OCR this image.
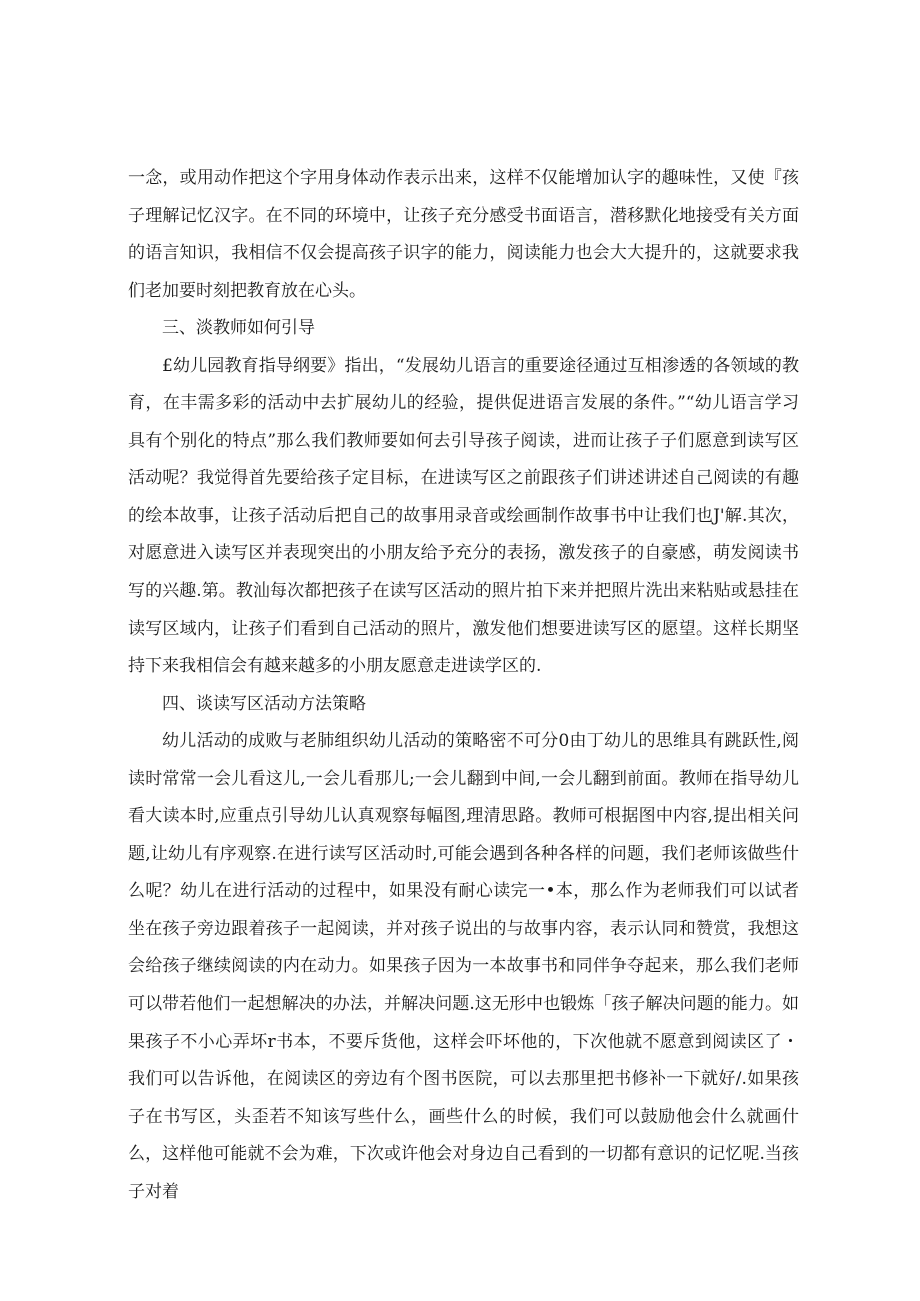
一念，或用动作把这个字用身体动作表示出来，这样不仅能增加认字的趣味性，又使『孩子理解记忆汉字。在不同的环境中，让孩子充分感受书面语言，潜移默化地接受有关方面的语言知识，我相信不仅会提高孩子识字的能力，阅读能力也会大大提升的，这就要求我们老加要时刻把教育放在心头。

三、淡教师如何引导

£幼儿园教育指导纲要》指出，“发展幼儿语言的重要途径通过互相渗透的各领域的教育，在丰需多彩的活动中去扩展幼儿的经验，提供促进语言发展的条件。”“幼儿语言学习具有个别化的特点”那么我们教师要如何去引导孩子阅读，进而让孩子子们愿意到读写区活动呢？我觉得首先要给孩子定目标，在进读写区之前跟孩子们讲述讲述自己阅读的有趣的绘本故事，让孩子活动后把自己的故事用录音或绘画制作故事书中让我们也J'解.其次，对愿意进入读写区并表现突出的小朋友给予充分的表扬，激发孩子的自豪感，萌发阅读书写的兴趣.第。教汕每次都把孩子在读写区活动的照片拍下来并把照片洗出来粘贴或悬挂在读写区域内，让孩子们看到自己活动的照片，激发他们想要进读写区的愿望。这样长期坚持下来我相信会有越来越多的小朋友愿意走进读学区的.

四、谈读写区活动方法策略

幼儿活动的成败与老肺组织幼儿活动的策略密不可分0由丁幼儿的思维具有跳跃性,阅读时常常一会儿看这儿,一会儿看那儿;一会儿翻到中间,一会儿翻到前面。教师在指导幼儿看大读本时,应重点引导幼儿认真观察每幅图,理清思路。教师可根据图中内容,提出相关问题,让幼儿有序观察.在进行读写区活动时,可能会遇到各种各样的问题，我们老师该做些什么呢？幼儿在进行活动的过程中，如果没有耐心读完一•本，那么作为老师我们可以试者坐在孩子旁边跟着孩子一起阅读，并对孩子说出的与故事内容，表示认同和赞赏，我想这会给孩子继续阅读的内在动力。如果孩子因为一本故事书和同伴争夺起来，那么我们老师可以带若他们一起想解决的办法，并解决问题.这无形中也锻炼「孩子解决问题的能力。如果孩子不小心弄坏r书本，不要斥货他，这样会吓坏他的，下次他就不愿意到阅读区了・我们可以告诉他，在阅读区的旁边有个图书医院，可以去那里把书修补一下就好/.如果孩子在书写区，头歪若不知该写些什么，画些什么的时候，我们可以鼓励他会什么就画什么，这样他可能就不会为难，下次或许他会对身边自己看到的一切都有意识的记忆呢.当孩子对着
